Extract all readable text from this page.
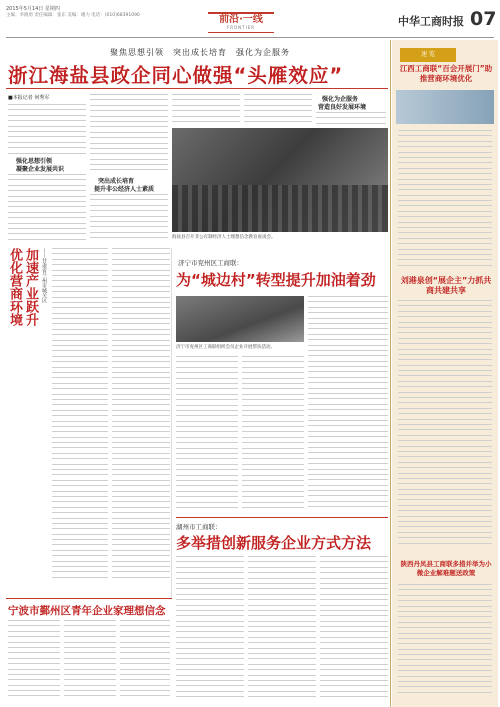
2015年5月14日 星期四
主编：李晓勇 责任编辑：张东 美编：谢力 电话：(010)68391090	前沿·一线
FRONTIER	中华工商时报 07
聚焦思想引领　突出成长培育　强化为企服务
浙江海盐县政企同心做强“头雁效应”
■本报记者 何秀军
强化思想引领
凝聚企业发展共识
突出成长培育
提升非公经济人士素质
强化为企服务
营造良好发展环境
海盐县召开非公有制经济人士理想信念教育座谈会。
优化营商环境 加速产业跃升 ——甘肃省兰州市城关区	济宁市兖州区工商联：
为“城边村”转型提升加油着劲
济宁市兖州区工商联组织会员企业开展帮扶活动。
湖州市工商联：
多举措创新服务企业方式方法
宁波市鄞州区青年企业家理想信念
速 览
江西工商联“百会开展门”助推营商环境优化
刘港泉创“展企主”力抓共商共建共享
陕西丹凤县工商联多措并举为小微企业解难题送政策
